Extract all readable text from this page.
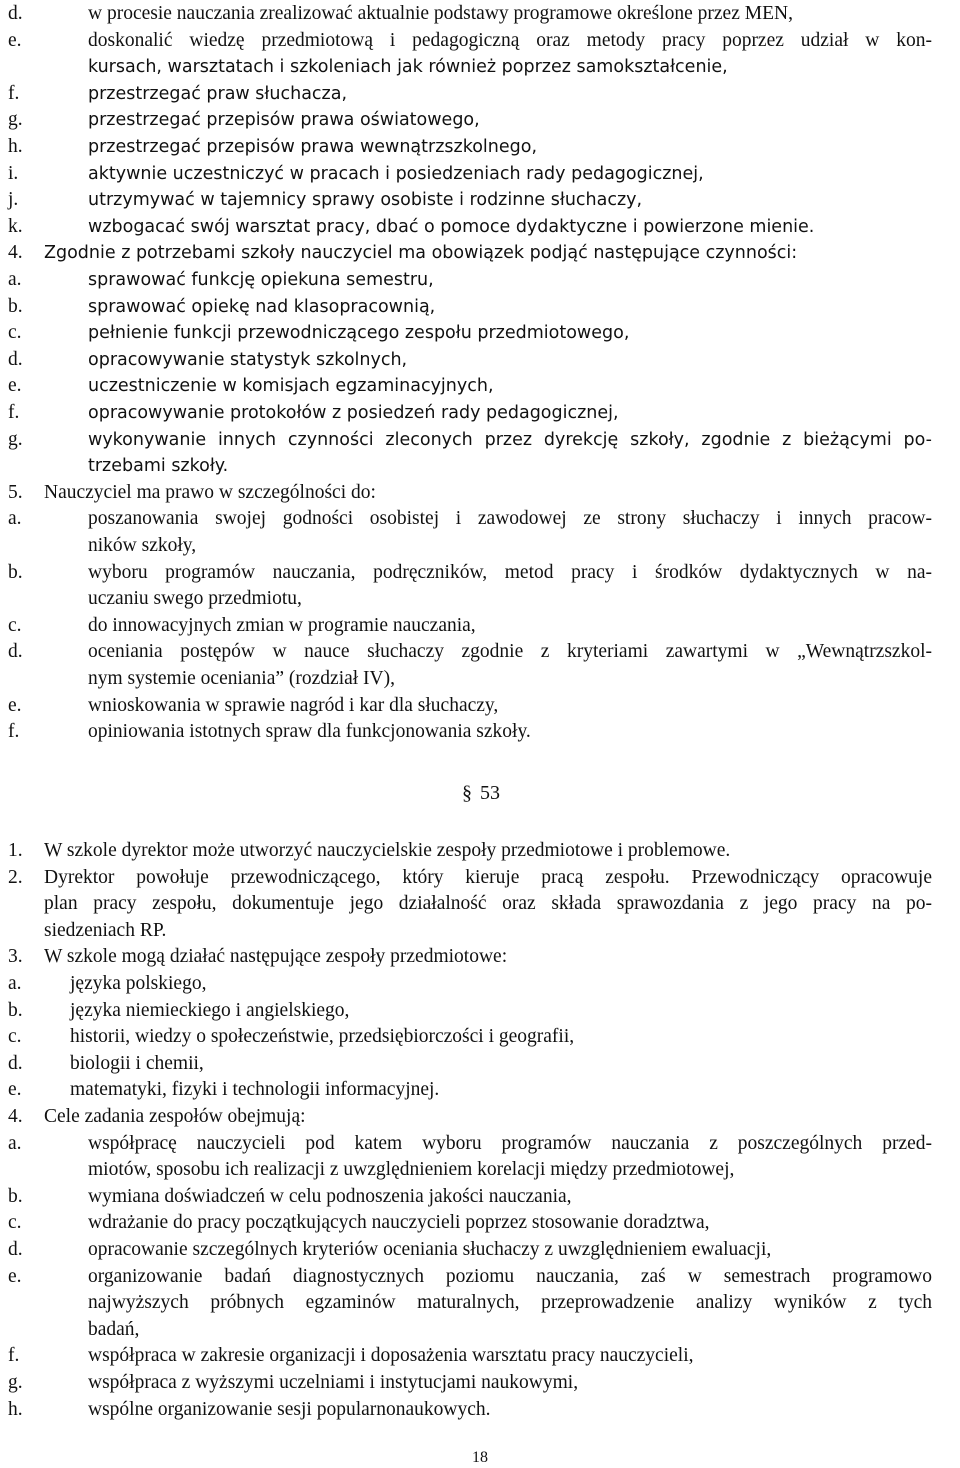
d.	w procesie nauczania zrealizować aktualnie podstawy programowe określone przez MEN,
e.	doskonalić wiedzę przedmiotową i pedagogiczną oraz metody pracy poprzez udział w kon-
kursach, warsztatach i szkoleniach jak również poprzez samokształcenie,
f.	przestrzegać praw słuchacza,
g.	przestrzegać przepisów prawa oświatowego,
h.	przestrzegać przepisów prawa wewnątrzszkolnego,
i.	aktywnie uczestniczyć w pracach i posiedzeniach rady pedagogicznej,
j.	utrzymywać w tajemnicy sprawy osobiste i rodzinne słuchaczy,
k.	wzbogacać swój warsztat pracy, dbać o pomoce dydaktyczne i powierzone mienie.
4. Zgodnie z potrzebami szkoły nauczyciel ma obowiązek podjąć następujące czynności:
a.	sprawować funkcję opiekuna semestru,
b.	sprawować opiekę nad klasopracownią,
c.	pełnienie funkcji przewodniczącego zespołu przedmiotowego,
d.	opracowywanie statystyk szkolnych,
e.	uczestniczenie w komisjach egzaminacyjnych,
f.	opracowywanie protokołów z posiedzeń rady pedagogicznej,
g.	wykonywanie innych czynności zleconych przez dyrekcję szkoły, zgodnie z bieżącymi po-
trzebami szkoły.
5. Nauczyciel ma prawo w szczególności do:
a.	poszanowania swojej godności osobistej i zawodowej ze strony słuchaczy i innych pracow-
ników szkoły,
b.	wyboru programów nauczania, podręczników, metod pracy i środków dydaktycznych w na-
uczaniu swego przedmiotu,
c.	do innowacyjnych zmian w programie nauczania,
d.	oceniania postępów w nauce słuchaczy zgodnie z kryteriami zawartymi w „Wewnątrzszkol-
nym systemie oceniania” (rozdział IV),
e.	wnioskowania w sprawie nagród i kar dla słuchaczy,
f.	opiniowania istotnych spraw dla funkcjonowania szkoły.
§ 53
1. W szkole dyrektor może utworzyć nauczycielskie zespoły przedmiotowe i problemowe.
2. Dyrektor powołuje przewodniczącego, który kieruje pracą zespołu. Przewodniczący opracowuje
plan pracy zespołu, dokumentuje jego działalność oraz składa sprawozdania z jego pracy na po-
siedzeniach RP.
3. W szkole mogą działać następujące zespoły przedmiotowe:
a. języka polskiego,
b. języka niemieckiego i angielskiego,
c. historii, wiedzy o społeczeństwie, przedsiębiorczości i geografii,
d. biologii i chemii,
e. matematyki, fizyki i technologii informacyjnej.
4. Cele zadania zespołów obejmują:
a.	współpracę nauczycieli pod katem wyboru programów nauczania z poszczególnych przed-
miotów, sposobu ich realizacji z uwzględnieniem korelacji między przedmiotowej,
b.	wymiana doświadczeń w celu podnoszenia jakości nauczania,
c.	wdrażanie do pracy początkujących nauczycieli poprzez stosowanie doradztwa,
d.	opracowanie szczególnych kryteriów oceniania słuchaczy z uwzględnieniem ewaluacji,
e.	organizowanie badań diagnostycznych poziomu nauczania, zaś w semestrach programowo
najwyższych próbnych egzaminów maturalnych, przeprowadzenie analizy wyników z tych
badań,
f.	współpraca w zakresie organizacji i doposażenia warsztatu pracy nauczycieli,
g.	współpraca z wyższymi uczelniami i instytucjami naukowymi,
h.	wspólne organizowanie sesji popularnonaukowych.
18
